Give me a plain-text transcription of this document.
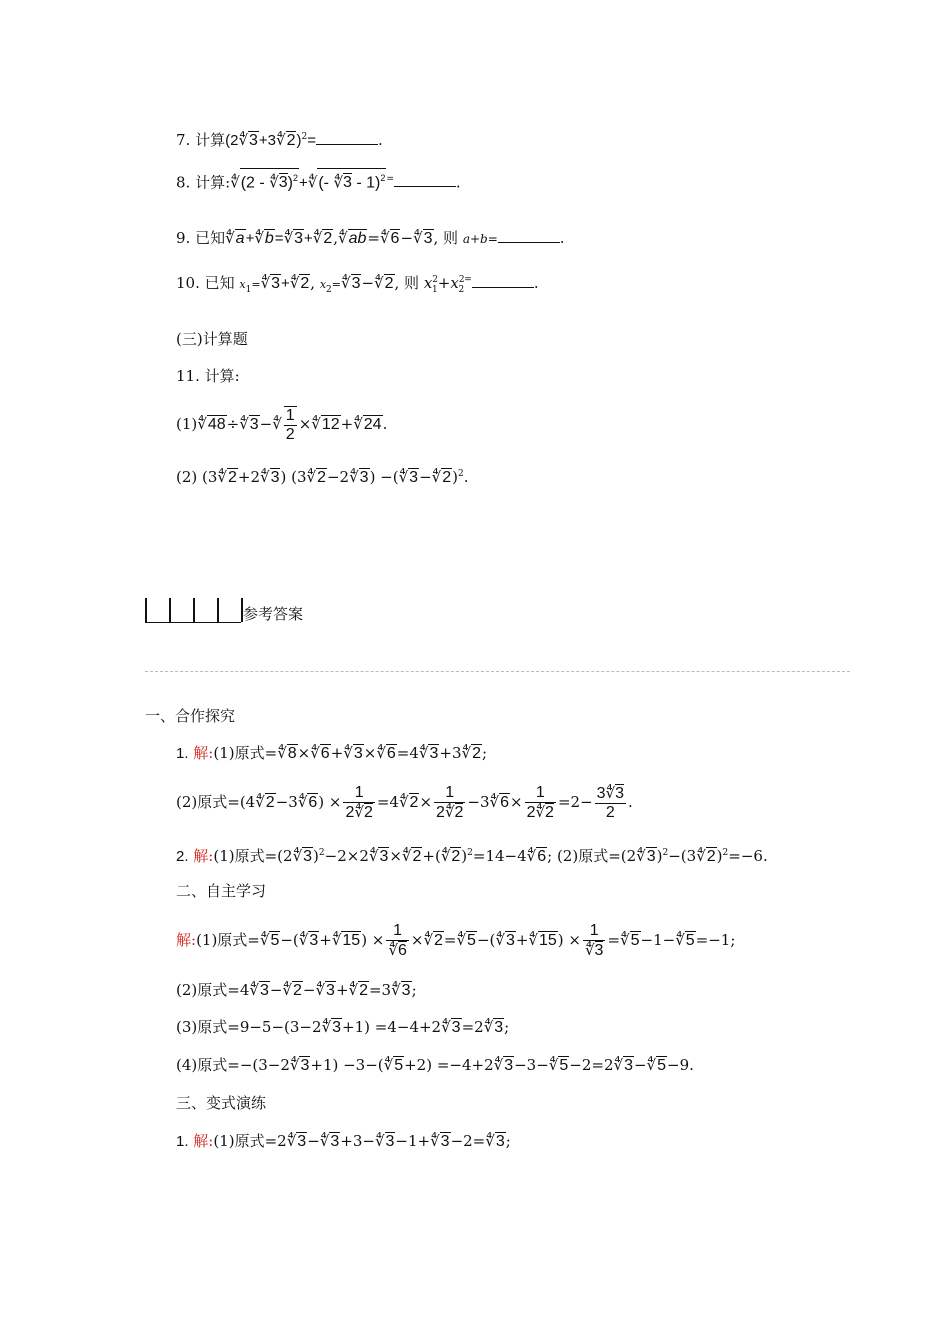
7. 计算(2∜3+3∜2)$^2$=	.
8. 计算:∜(2 - ∜3)$^2$+∜(- ∜3 - 1)$^{2=}$	.
9. 已知∜a+∜b=∜3+∜2,∜ab=∜6−∜3, 则 a+b=	.
10. 已知 $x_1=∜3+∜2$, $x_2=∜3-∜2$, 则 $x^2_1+x^2_2^=$	.
(三)计算题
11. 计算:
(1)∜48÷∜3−∜ $\frac{1}{2}$ ×∜12+∜24.
(2) (3∜2+2∜3) (3∜2−2∜3) −(∜3−∜2)$^2$.
参考答案
一、合作探究
1. 解:(1)原式=∜8×∜6+∜3×∜6=4∜3+3∜2;
(2)原式=(4∜2−3∜6) × $\frac{1}{2∜2}$ =4∜2× $\frac{1}{2∜2}$ −3∜6× $\frac{1}{2∜2} =2- \frac{3∜3}{2}$ .
2. 解:(1)原式=(2∜3)$^2$−2×2∜3×∜2+(∜2)$^2$=14−4∜6; (2)原式=(2∜3)$^2$−(3∜2)$^2$=−6.
二、自主学习
解:(1)原式=∜5−(∜3+∜15) × $\frac{1}{∜6}$ ×∜2=∜5−(∜3+∜15) × $\frac{1}{∜3}$ =∜5−1−∜5=−1;
(2)原式=4∜3−∜2−∜3+∜2=3∜3;
(3)原式=9−5−(3−2∜3+1) =4−4+2∜3=2∜3;
(4)原式=−(3−2∜3+1) −3−(∜5+2) =−4+2∜3−3−∜5−2=2∜3−∜5−9.
三、变式演练
1. 解:(1)原式=2∜3−∜3+3−∜3−1+∜3−2=∜3;
